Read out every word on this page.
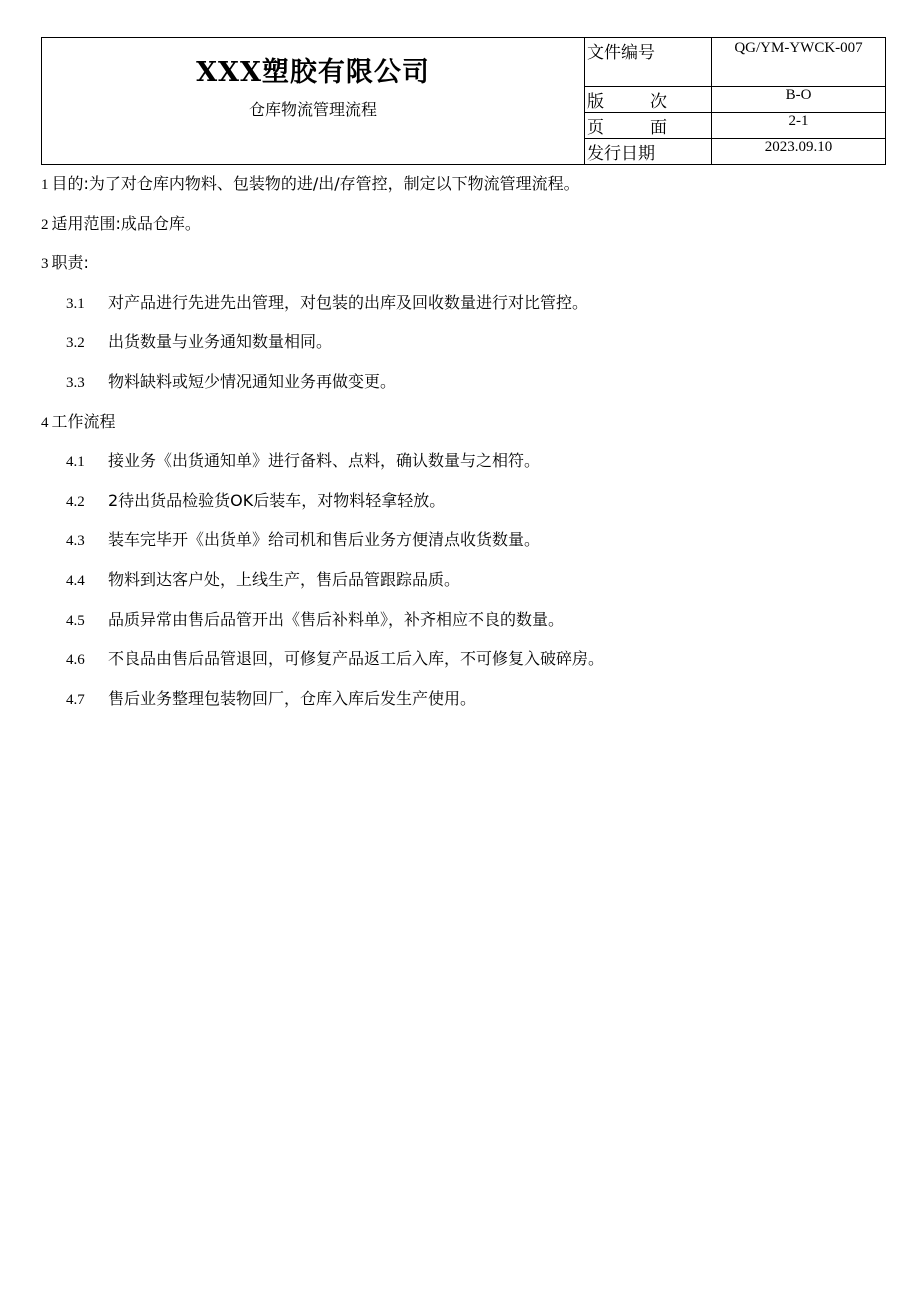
XXX塑胶有限公司
仓库物流管理流程	文件编号	QG/YM-YWCK-007

	版 次	B-O

	页 面	2-1
	发行日期	2023.09.10
1 目的:为了对仓库内物料、包装物的进/出/存管控，制定以下物流管理流程。
2 适用范围:成品仓库。
3 职责:
3.1 对产品进行先进先出管理，对包装的出库及回收数量进行对比管控。
3.2 出货数量与业务通知数量相同。
3.3 物料缺料或短少情况通知业务再做变更。
4 工作流程
4.1 接业务《出货通知单》进行备料、点料，确认数量与之相符。
4.2 2待出货品检验货OK后装车，对物料轻拿轻放。
4.3 装车完毕开《出货单》给司机和售后业务方便清点收货数量。
4.4 物料到达客户处，上线生产，售后品管跟踪品质。
4.5 品质异常由售后品管开出《售后补料单》，补齐相应不良的数量。
4.6 不良品由售后品管退回，可修复产品返工后入库，不可修复入破碎房。
4.7 售后业务整理包装物回厂，仓库入库后发生产使用。
